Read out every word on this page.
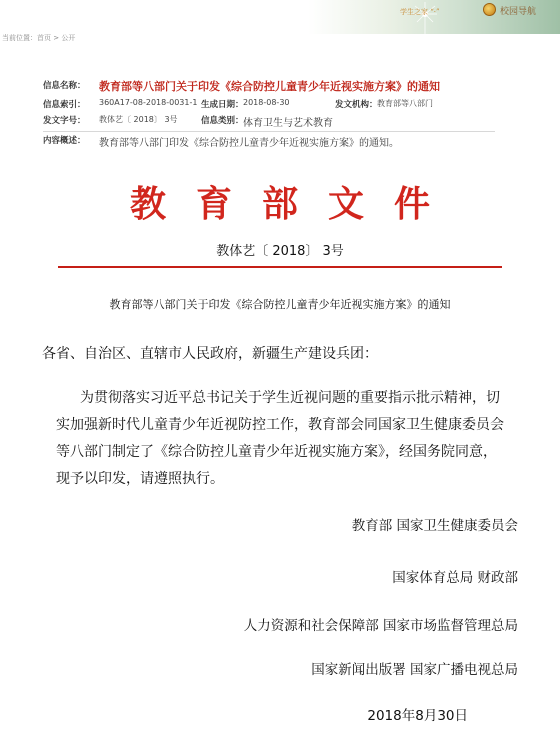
学生之家 “·”	校园导航
当前位置：首页 > 公开
信息名称：	教育部等八部门关于印发《综合防控儿童青少年近视实施方案》的通知
信息索引：	360A17-08-2018-0031-1 生成日期： 2018-08-30	发文机构： 教育部等八部门
发文字号：	教体艺〔 2018〕 3号	信息类别： 体育卫生与艺术教育
内容概述：	教育部等八部门印发《综合防控儿童青少年近视实施方案》的通知。
教育部文件
教体艺〔 2018〕 3号
教育部等八部门关于印发《综合防控儿童青少年近视实施方案》的通知
各省、自治区、直辖市人民政府，新疆生产建设兵团：
为贯彻落实习近平总书记关于学生近视问题的重要指示批示精神，切
实加强新时代儿童青少年近视防控工作，教育部会同国家卫生健康委员会
等八部门制定了《综合防控儿童青少年近视实施方案》，经国务院同意，
现予以印发，请遵照执行。
教育部 国家卫生健康委员会
国家体育总局 财政部
人力资源和社会保障部 国家市场监督管理总局
国家新闻出版署 国家广播电视总局
2018年8月30日
